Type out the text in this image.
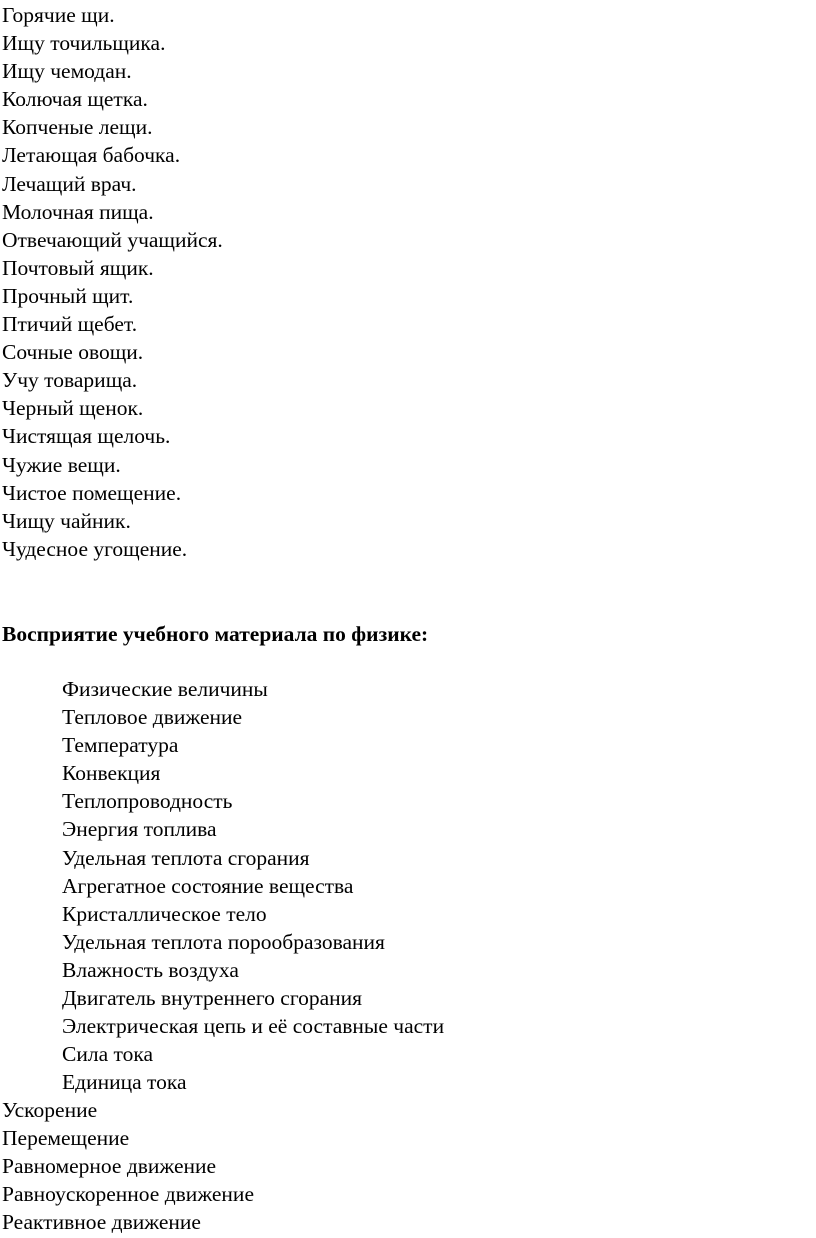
Горячие щи.
Ищу точильщика.
Ищу чемодан.
Колючая щетка.
Копченые лещи.
Летающая бабочка.
Лечащий врач.
Молочная пища.
Отвечающий учащийся.
Почтовый ящик.
Прочный щит.
Птичий щебет.
Сочные овощи.
Учу товарища.
Черный щенок.
Чистящая щелочь.
Чужие вещи.
Чистое помещение.
Чищу чайник.
Чудесное угощение.
Восприятие учебного материала по физике:
Физические величины
Тепловое движение
Температура
Конвекция
Теплопроводность
Энергия топлива
Удельная теплота сгорания
Агрегатное состояние вещества
Кристаллическое тело
Удельная теплота порообразования
Влажность воздуха
Двигатель внутреннего сгорания
Электрическая цепь и её составные части
Сила тока
Единица тока
Ускорение
Перемещение
Равномерное движение
Равноускоренное движение
Реактивное движение
